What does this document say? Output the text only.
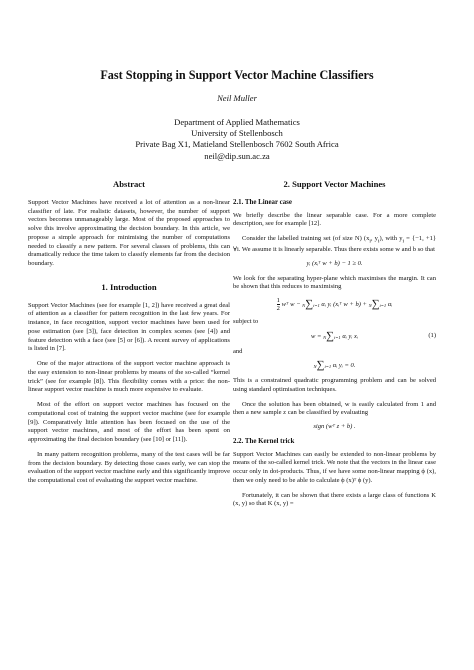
Fast Stopping in Support Vector Machine Classifiers
Neil Muller
Department of Applied Mathematics
University of Stellenbosch
Private Bag X1, Matieland Stellenbosch 7602 South Africa
neil@dip.sun.ac.za
Abstract

Support Vector Machines have received a lot of attention as a non-linear classifier of late. For realistic datasets, however, the number of support vectors becomes unmanageably large. Most of the proposed approaches to solve this involve approximating the decision boundary. In this article, we propose a simple approach for minimising the number of computations needed to classify a new pattern. For several classes of problems, this can dramatically reduce the time taken to classify elements far from the decision boundary.

1. Introduction

Support Vector Machines (see for example [1, 2]) have received a great deal of attention as a classifier for pattern recognition in the last few years. For instance, in face recognition, support vector machines have been used for pose estimation (see [3]), face detection in complex scenes (see [4]) and feature detection with a face (see [5] or [6]). A recent survey of applications is listed in [7].

One of the major attractions of the support vector machine approach is the easy extension to non-linear problems by means of the so-called “kernel trick” (see for example [8]). This flexibility comes with a price: the non-linear support vector machine is much more expensive to evaluate.

Most of the effort on support vector machines has focused on the computational cost of training the support vector machine (see for example [9]). Comparatively little attention has been focused on the use of the support vector machines, and most of the effort has been spent on approximating the final decision boundary (see [10] or [11]).

In many pattern recognition problems, many of the test cases will be far from the decision boundary. By detecting those cases early, we can stop the evaluation of the support vector machine early and this significantly improve the computational cost of evaluating the support vector machine.

2. Support Vector Machines
2.1. The Linear case

We briefly describe the linear separable case. For a more complete description, see for example [12].

Consider the labelled training set (of size N) ($x_i$, $y_i$), with $y_i = \{-1$, +1} ∀i. We assume it is linearly separable. Thus there exists some w and b so that

yᵢ (xᵢᵀ w + b) − 1 ≥ 0.

We look for the separating hyper-plane which maximises the margin. It can be shown that this reduces to maximising

$\frac{1}{2}$ wᵀ w − N∑i=1 αᵢ yᵢ (xᵢᵀ w + b) + N∑i=1 αᵢ

subject to

w = N∑i=1 αᵢ yᵢ xᵢ	(1)

and

N∑i=1 αᵢ yᵢ = 0.

This is a constrained quadratic programming problem and can be solved using standard optimisation techniques.

Once the solution has been obtained, w is easily calculated from 1 and then a new sample z can be classified by evaluating

sign (wᵀ z + b) .
2.2. The Kernel trick

Support Vector Machines can easily be extended to non-linear problems by means of the so-called kernel trick. We note that the vectors in the linear case occur only in dot-products. Thus, if we have some non-linear mapping ϕ (x), then we only need to be able to calculate ϕ (x)ᵀ ϕ (y).

Fortunately, it can be shown that there exists a large class of functions K (x, y) so that K (x, y) =
